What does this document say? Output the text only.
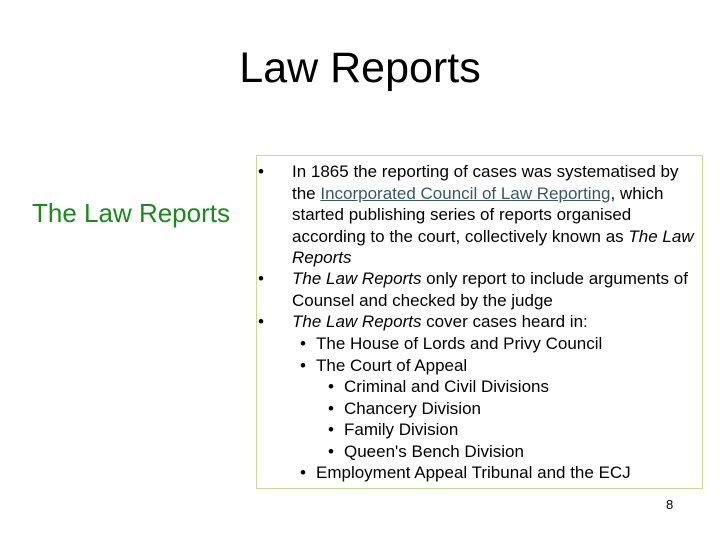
Law Reports
The Law Reports
• In 1865 the reporting of cases was systematised by the Incorporated Council of Law Reporting, which started publishing series of reports organised according to the court, collectively known as The Law Reports
• The Law Reports only report to include arguments of Counsel and checked by the judge
• The Law Reports cover cases heard in:
• The House of Lords and Privy Council
• The Court of Appeal
• Criminal and Civil Divisions
• Chancery Division
• Family Division
• Queen's Bench Division
• Employment Appeal Tribunal and the ECJ
8
